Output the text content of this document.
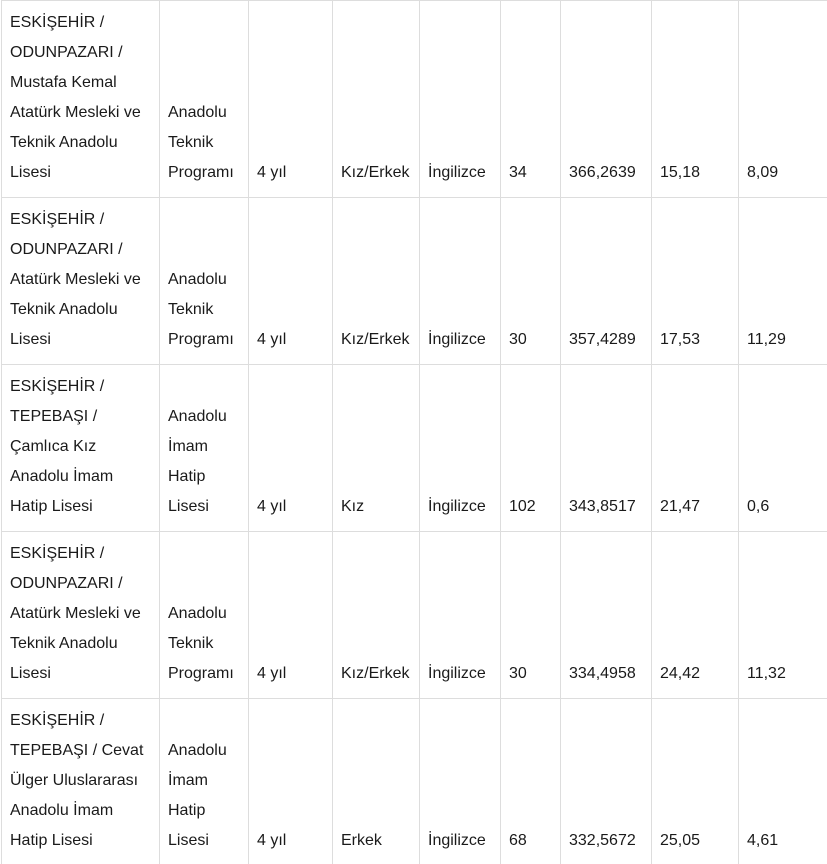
ESKİŞEHİR / ODUNPAZARI / Mustafa Kemal Atatürk Mesleki ve Teknik Anadolu Lisesi	Anadolu Teknik Programı	4 yıl	Kız/Erkek	İngilizce	34	366,2639	15,18	8,09

ESKİŞEHİR / ODUNPAZARI / Atatürk Mesleki ve Teknik Anadolu Lisesi	Anadolu Teknik Programı	4 yıl	Kız/Erkek	İngilizce	30	357,4289	17,53	11,29

ESKİŞEHİR / TEPEBAŞI / Çamlıca Kız Anadolu İmam Hatip Lisesi	Anadolu İmam Hatip Lisesi	4 yıl	Kız	İngilizce	102	343,8517	21,47	0,6

ESKİŞEHİR / ODUNPAZARI / Atatürk Mesleki ve Teknik Anadolu Lisesi	Anadolu Teknik Programı	4 yıl	Kız/Erkek	İngilizce	30	334,4958	24,42	11,32

ESKİŞEHİR / TEPEBAŞI / Cevat Ülger Uluslararası Anadolu İmam Hatip Lisesi	Anadolu İmam Hatip Lisesi	4 yıl	Erkek	İngilizce	68	332,5672	25,05	4,61
